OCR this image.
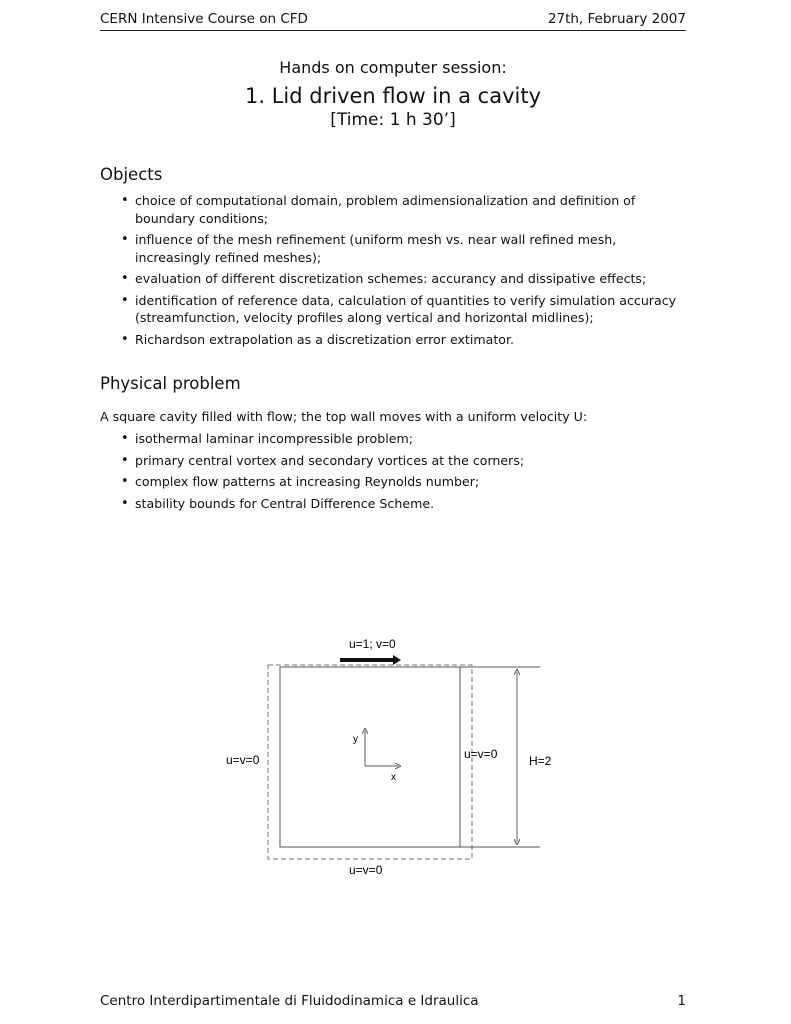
CERN Intensive Course on CFD	27th, February 2007
Hands on computer session:
1. Lid driven flow in a cavity
[Time: 1 h 30’]
Objects
• choice of computational domain, problem adimensionalization and definition of boundary conditions;
• influence of the mesh refinement (uniform mesh vs. near wall refined mesh, increasingly refined meshes);
• evaluation of different discretization schemes: accurancy and dissipative effects;
• identification of reference data, calculation of quantities to verify simulation accuracy (streamfunction, velocity profiles along vertical and horizontal midlines);
• Richardson extrapolation as a discretization error extimator.
Physical problem
A square cavity filled with flow; the top wall moves with a uniform velocity U:
• isothermal laminar incompressible problem;
• primary central vortex and secondary vortices at the corners;
• complex flow patterns at increasing Reynolds number;
• stability bounds for Central Difference Scheme.
u=1; v=0
u=v=0	u=v=0
u=v=0
H=2
x
y
Centro Interdipartimentale di Fluidodinamica e Idraulica	1
